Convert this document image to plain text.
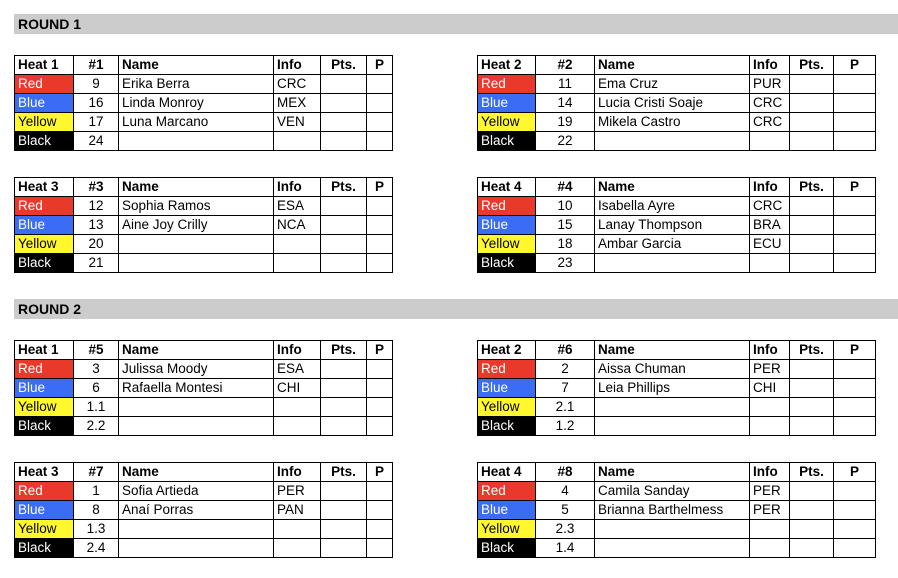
ROUND 1
Heat 1	#1	Name	Info	Pts.	P
Red	9	Erika Berra	CRC		
Blue	16	Linda Monroy	MEX		
Yellow	17	Luna Marcano	VEN		
Black	24				
Heat 2	#2	Name	Info	Pts.	P
Red	11	Ema Cruz	PUR		
Blue	14	Lucia Cristi Soaje	CRC		
Yellow	19	Mikela Castro	CRC		
Black	22				
Heat 3	#3	Name	Info	Pts.	P
Red	12	Sophia Ramos	ESA		
Blue	13	Aine Joy Crilly	NCA		
Yellow	20				
Black	21				
Heat 4	#4	Name	Info	Pts.	P
Red	10	Isabella Ayre	CRC		
Blue	15	Lanay Thompson	BRA		
Yellow	18	Ambar Garcia	ECU		
Black	23				
ROUND 2
Heat 1	#5	Name	Info	Pts.	P
Red	3	Julissa Moody	ESA		
Blue	6	Rafaella Montesi	CHI		
Yellow	1.1				
Black	2.2				
Heat 2	#6	Name	Info	Pts.	P
Red	2	Aissa Chuman	PER		
Blue	7	Leia Phillips	CHI		
Yellow	2.1				
Black	1.2				
Heat 3	#7	Name	Info	Pts.	P
Red	1	Sofia Artieda	PER		
Blue	8	Anaí Porras	PAN		
Yellow	1.3				
Black	2.4				
Heat 4	#8	Name	Info	Pts.	P
Red	4	Camila Sanday	PER		
Blue	5	Brianna Barthelmess	PER		
Yellow	2.3				
Black	1.4				
